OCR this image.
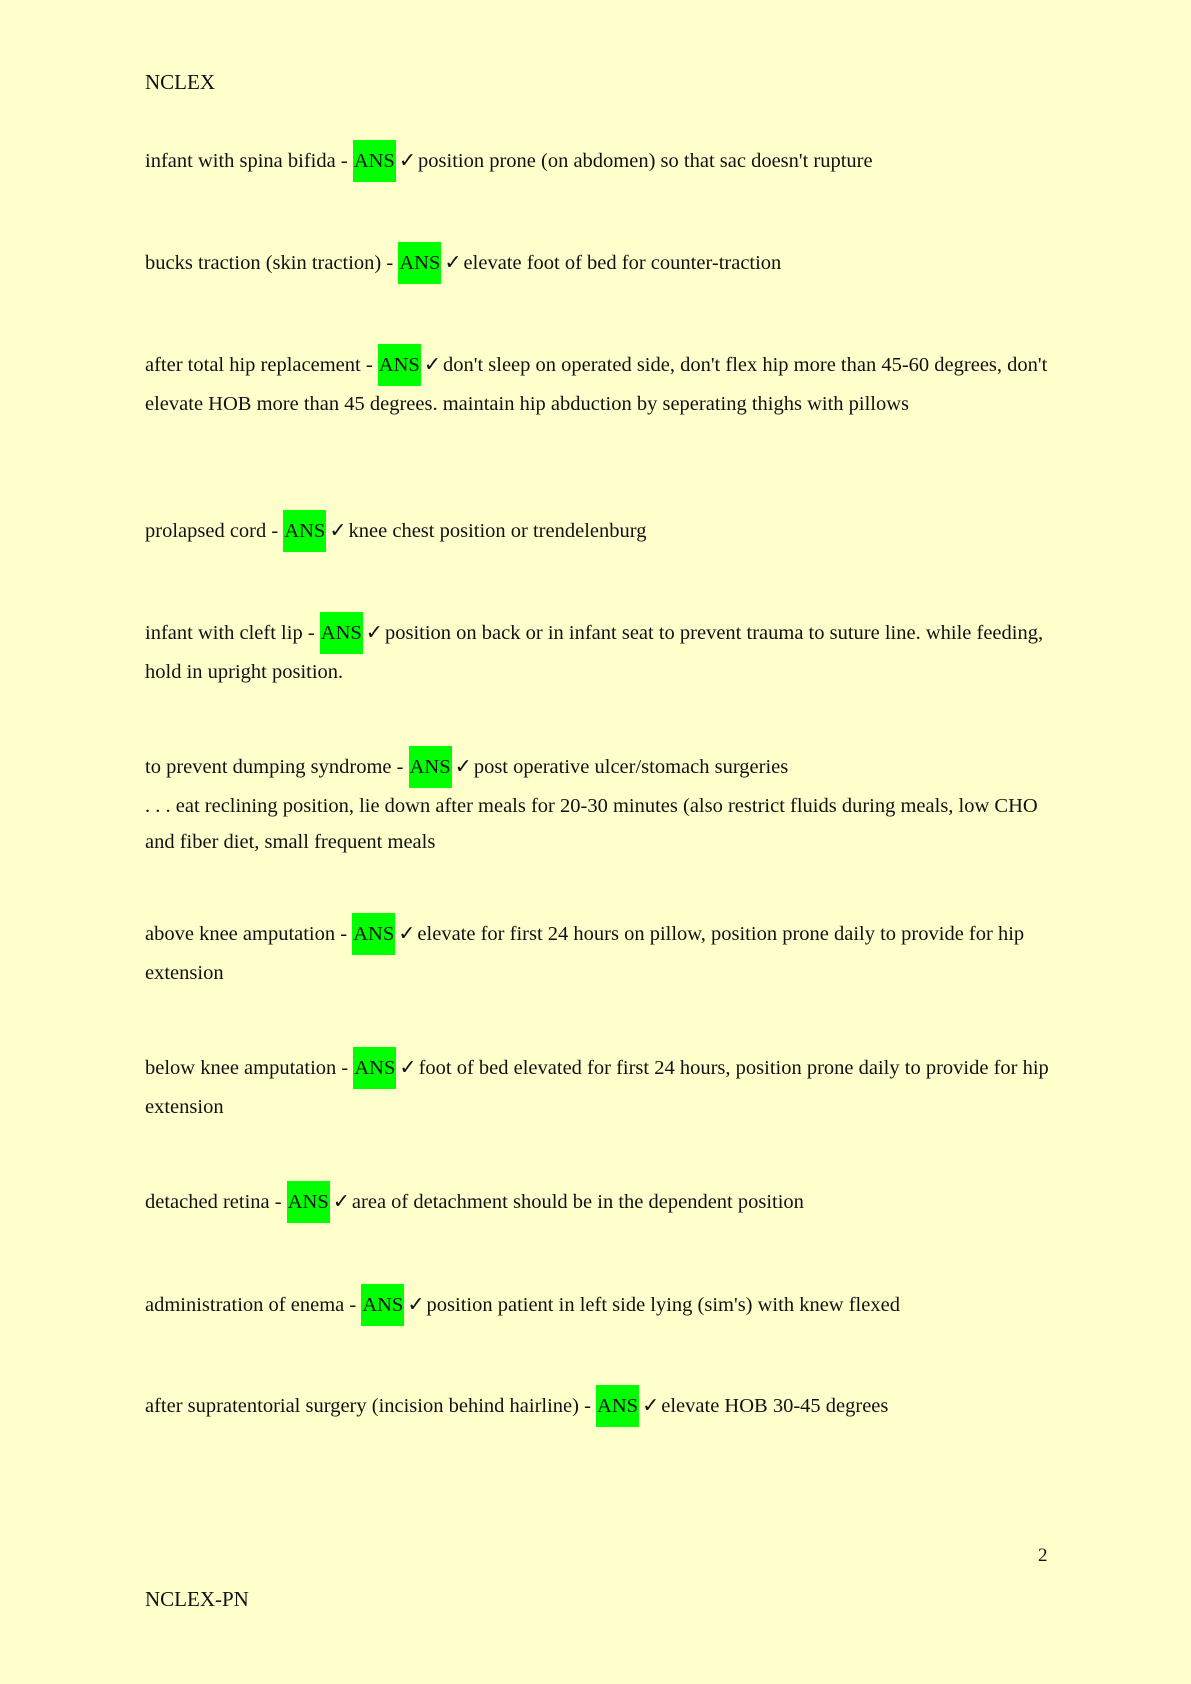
NCLEX
infant with spina bifida - ANS ✓position prone (on abdomen) so that sac doesn't rupture
bucks traction (skin traction) - ANS ✓elevate foot of bed for counter-traction
after total hip replacement - ANS ✓don't sleep on operated side, don't flex hip more than 45-60 degrees, don't elevate HOB more than 45 degrees. maintain hip abduction by seperating thighs with pillows
prolapsed cord - ANS ✓knee chest position or trendelenburg
infant with cleft lip - ANS ✓position on back or in infant seat to prevent trauma to suture line. while feeding, hold in upright position.
to prevent dumping syndrome - ANS ✓post operative ulcer/stomach surgeries
. . . eat reclining position, lie down after meals for 20-30 minutes (also restrict fluids during meals, low CHO and fiber diet, small frequent meals
above knee amputation - ANS ✓elevate for first 24 hours on pillow, position prone daily to provide for hip extension
below knee amputation - ANS ✓foot of bed elevated for first 24 hours, position prone daily to provide for hip extension
detached retina - ANS ✓area of detachment should be in the dependent position
administration of enema - ANS ✓position patient in left side lying (sim's) with knew flexed
after supratentorial surgery (incision behind hairline) - ANS ✓elevate HOB 30-45 degrees
2
NCLEX-PN
